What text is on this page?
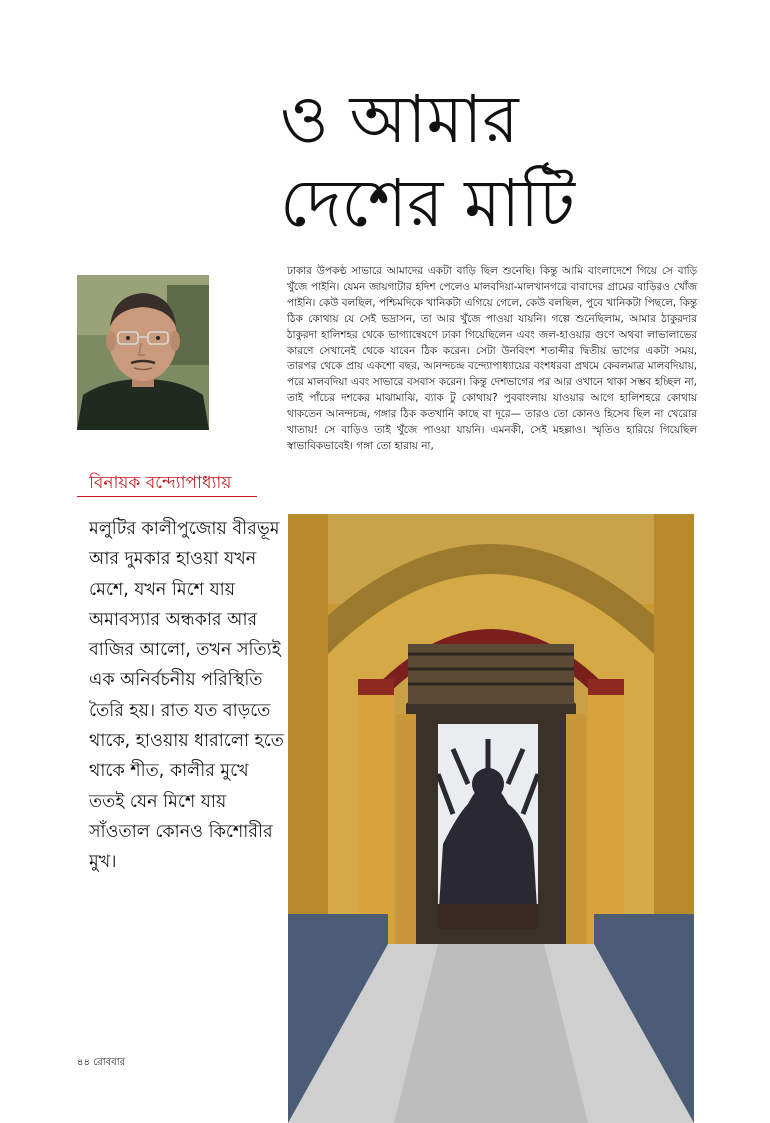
ও আমার
দেশের মাটি

ঢাকার উপকণ্ঠ সাভারে আমাদের একটা বাড়ি ছিল শুনেছি। কিন্তু আমি বাংলাদেশে গিয়ে সে বাড়ি খুঁজে পাইনি। যেমন জায়গাটার হদিশ পেলেও মালবদিয়া-মালখানগরে বাবাদের গ্রামের বাড়িরও খোঁজ পাইনি। কেউ বলছিল, পশ্চিমদিকে খানিকটা এগিয়ে গেলে, কেউ বলছিল, পুবে খানিকটা পিছলে, কিন্তু ঠিক কোথায় যে সেই ভদ্রাসন, তা আর খুঁজে পাওয়া যায়নি। গল্পে শুনেছিলাম, আমার ঠাকুরদার ঠাকুরদা হালিশহর থেকে ভাগ্যান্বেষণে ঢাকা গিয়েছিলেন এবং জল-হাওয়ার গুণে অথবা লাভালাভের কারণে সেখানেই থেকে যাবেন ঠিক করেন। সেটা উনবিংশ শতাব্দীর দ্বিতীয় ভাগের একটা সময়, তারপর থেকে প্রায় একশো বছর, আনন্দচন্দ্র বন্দ্যোপাধ্যায়ের বংশধরবা প্রথমে কেবলমাত্র মালবদিয়ায়, পরে মালবদিয়া এবং সাভারে বসবাস করেন। কিন্তু দেশভাগের পর আর ওখানে থাকা সম্ভব হচ্ছিল না, তাই পাঁচের দশকের মাঝামাঝি, ব্যাক টু কোথায়? পুববাংলায় যাওয়ার আগে হালিশহরে কোথায় থাকতেন আনন্দচন্দ্র, গঙ্গার ঠিক কতখানি কাছে বা দূরে— তারও তো কোনও হিসেব ছিল না খেরোর খাতায়! সে বাড়িও তাই খুঁজে পাওয়া যায়নি। এমনকী, সেই মহল্লাও। স্মৃতিও হারিয়ে গিয়েছিল স্বাভাবিকভাবেই। গঙ্গা তো হারায় না,

বিনায়ক বন্দ্যোপাধ্যায়
মলুটির কালীপুজোয় বীরভূম আর দুমকার হাওয়া যখন মেশে, যখন মিশে যায় অমাবস্যার অন্ধকার আর বাজির আলো, তখন সত্যিই এক অনির্বচনীয় পরিস্থিতি তৈরি হয়। রাত যত বাড়তে থাকে, হাওয়ায় ধারালো হতে থাকে শীত, কালীর মুখে ততই যেন মিশে যায় সাঁওতাল কোনও কিশোরীর মুখ।
৪৪ রোববার
